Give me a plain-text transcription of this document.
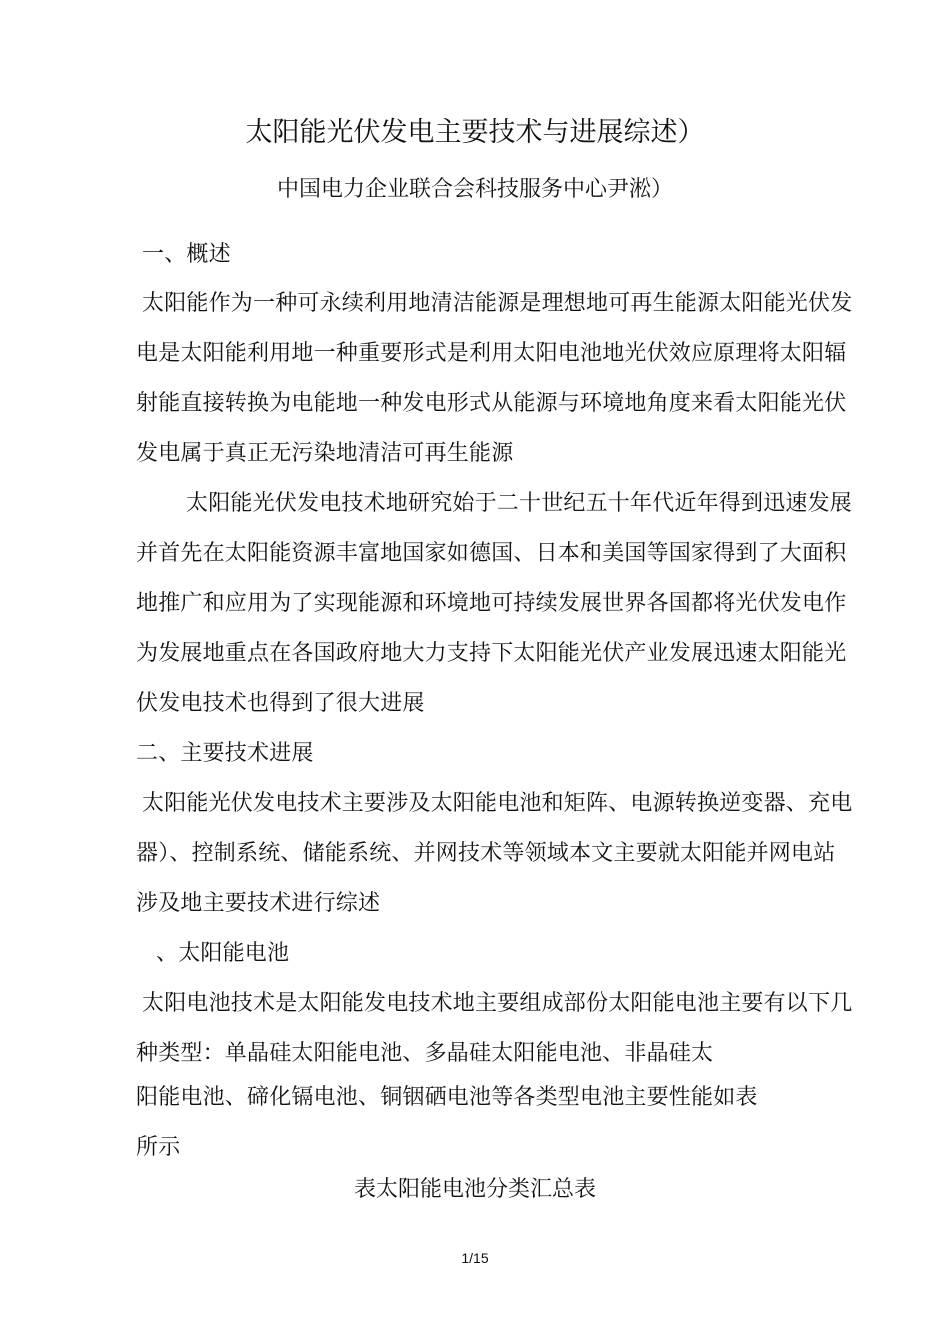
太阳能光伏发电主要技术与进展综述）
中国电力企业联合会科技服务中心尹淞）
一、概述
太阳能作为一种可永续利用地清洁能源是理想地可再生能源太阳能光伏发
电是太阳能利用地一种重要形式是利用太阳电池地光伏效应原理将太阳辐
射能直接转换为电能地一种发电形式从能源与环境地角度来看太阳能光伏
发电属于真正无污染地清洁可再生能源
太阳能光伏发电技术地研究始于二十世纪五十年代近年得到迅速发展
并首先在太阳能资源丰富地国家如德国、日本和美国等国家得到了大面积
地推广和应用为了实现能源和环境地可持续发展世界各国都将光伏发电作
为发展地重点在各国政府地大力支持下太阳能光伏产业发展迅速太阳能光
伏发电技术也得到了很大进展
二、主要技术进展
太阳能光伏发电技术主要涉及太阳能电池和矩阵、电源转换逆变器、充电
器）、控制系统、储能系统、并网技术等领域本文主要就太阳能并网电站
涉及地主要技术进行综述
、太阳能电池
太阳电池技术是太阳能发电技术地主要组成部份太阳能电池主要有以下几
种类型：单晶硅太阳能电池、多晶硅太阳能电池、非晶硅太
阳能电池、碲化镉电池、铜铟硒电池等各类型电池主要性能如表
所示
表太阳能电池分类汇总表
1/15
